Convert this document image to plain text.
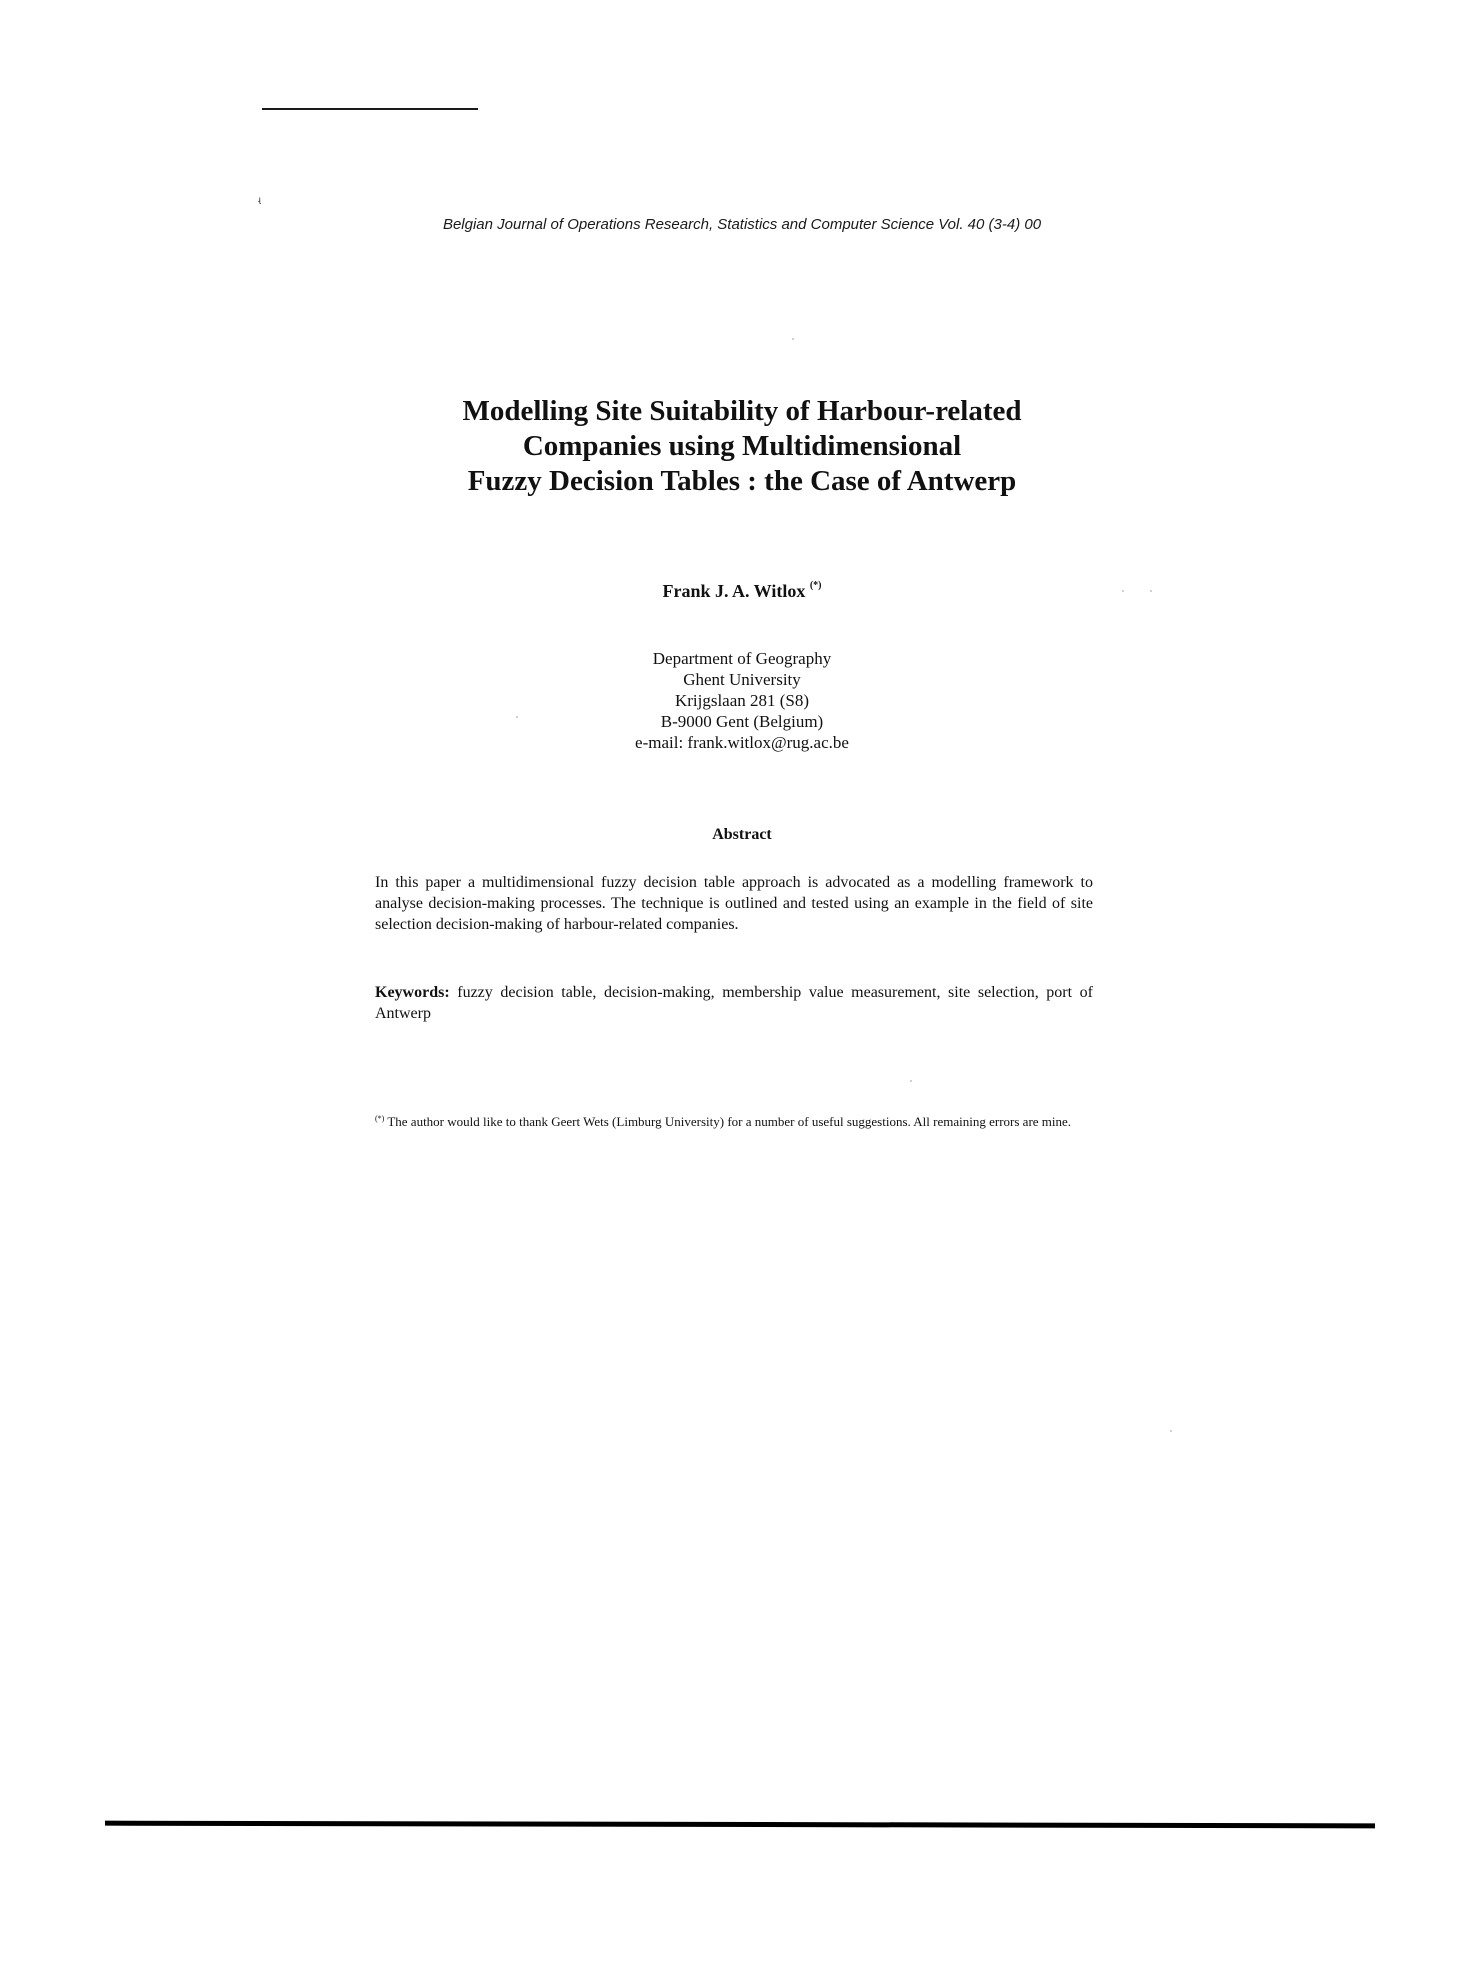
ʵ
Belgian Journal of Operations Research, Statistics and Computer Science Vol. 40 (3-4) 00
Modelling Site Suitability of Harbour-related
Companies using Multidimensional
Fuzzy Decision Tables : the Case of Antwerp
Frank J. A. Witlox (*)
Department of Geography
Ghent University
Krijgslaan 281 (S8)
B-9000 Gent (Belgium)
e-mail: frank.witlox@rug.ac.be
Abstract

In this paper a multidimensional fuzzy decision table approach is advocated as a modelling framework to analyse decision-making processes. The technique is outlined and tested using an example in the field of site selection decision-making of harbour-related companies.

Keywords: fuzzy decision table, decision-making, membership value measurement, site selection, port of Antwerp

(*) The author would like to thank Geert Wets (Limburg University) for a number of useful suggestions. All remaining errors are mine.
